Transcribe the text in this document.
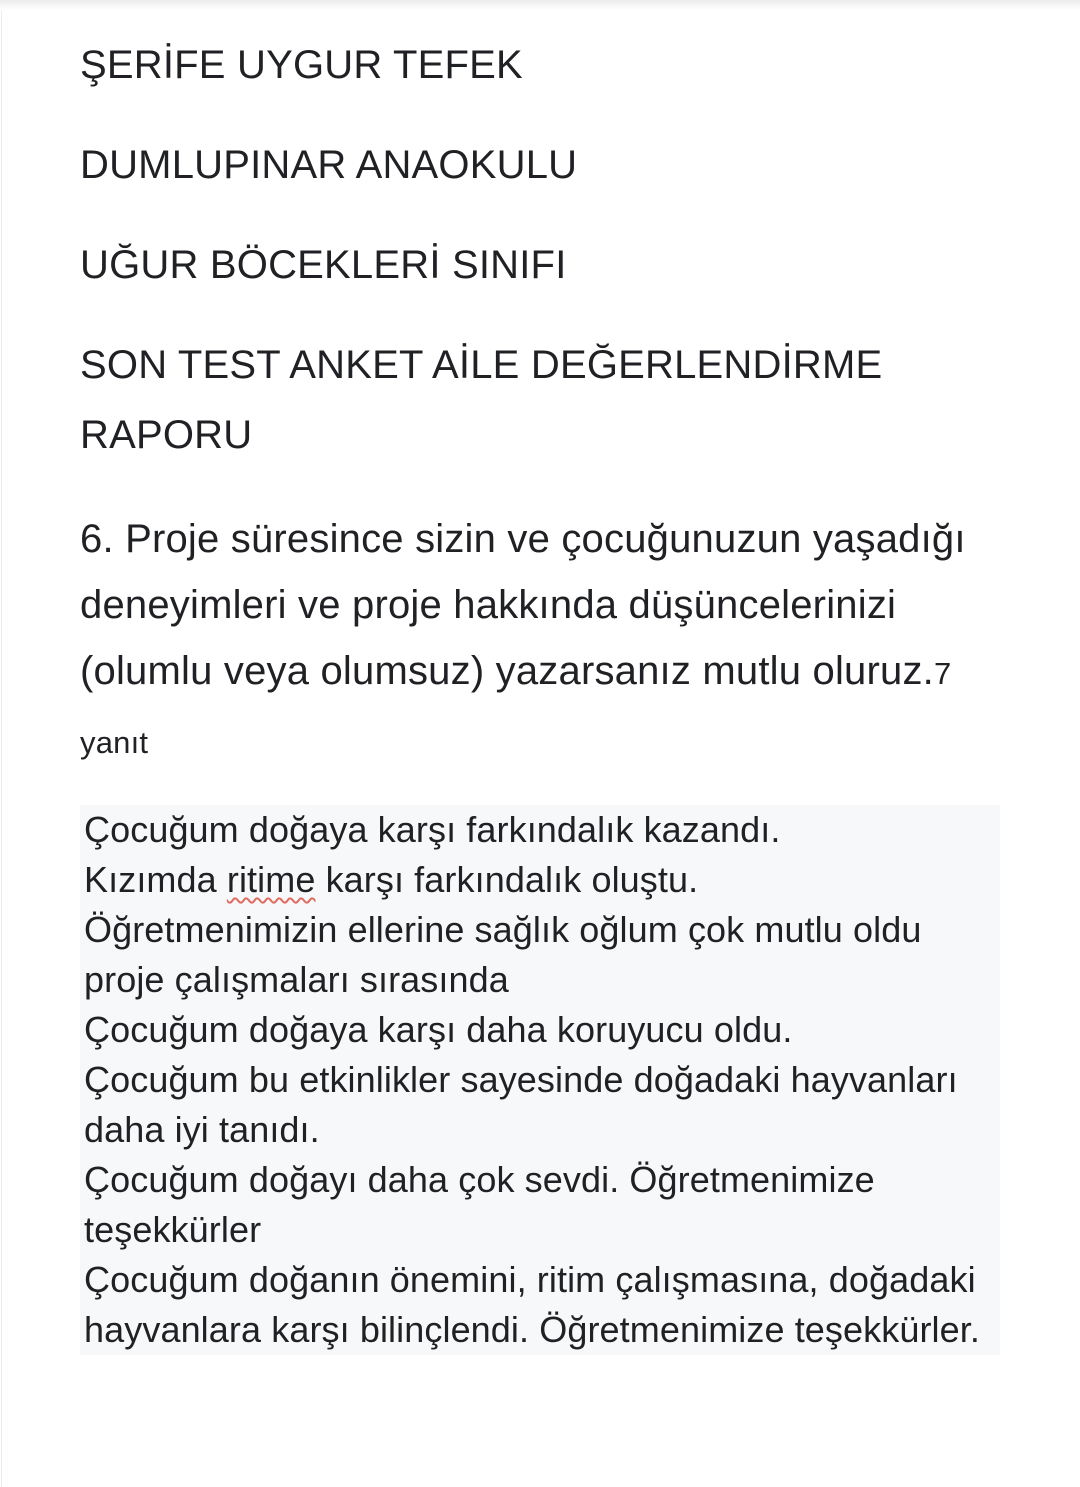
ŞERİFE UYGUR TEFEK
DUMLUPINAR ANAOKULU
UĞUR BÖCEKLERİ SINIFI
SON TEST ANKET AİLE DEĞERLENDİRME RAPORU

6. Proje süresince sizin ve çocuğunuzun yaşadığı deneyimleri ve proje hakkında düşüncelerinizi (olumlu veya olumsuz) yazarsanız mutlu oluruz.7 yanıt

Çocuğum doğaya karşı farkındalık kazandı.
Kızımda ritime karşı farkındalık oluştu.
Öğretmenimizin ellerine sağlık oğlum çok mutlu oldu proje çalışmaları sırasında
Çocuğum doğaya karşı daha koruyucu oldu.
Çocuğum bu etkinlikler sayesinde doğadaki hayvanları daha iyi tanıdı.
Çocuğum doğayı daha çok sevdi. Öğretmenimize teşekkürler
Çocuğum doğanın önemini, ritim çalışmasına, doğadaki hayvanlara karşı bilinçlendi. Öğretmenimize teşekkürler.
